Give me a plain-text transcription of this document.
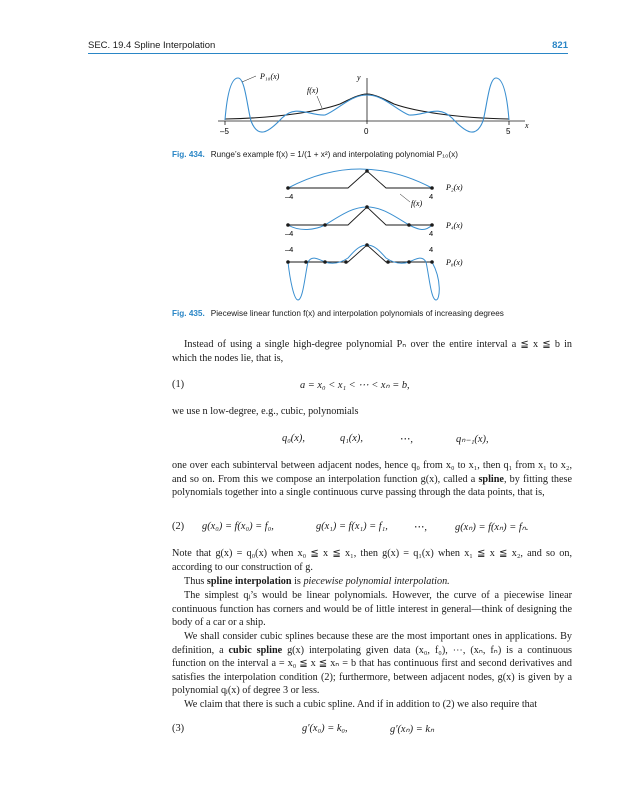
SEC. 19.4 Spline Interpolation	821
P₁₀(x)
f(x)
y
x
–5	0	5
–4	4
f(x)
P₂(x)
–4	4
P₄(x)
–4	4
P₈(x)
Fig. 434. Runge’s example f(x) = 1/(1 + x²) and interpolating polynomial P₁₀(x)
Fig. 435. Piecewise linear function f(x) and interpolation polynomials of increasing degrees
Instead of using a single high-degree polynomial Pₙ over the entire interval a ≦ x ≦ b in which the nodes lie, that is,
(1)	a = x₀ < x₁ < ⋯ < xₙ = b,
we use n low-degree, e.g., cubic, polynomials
q₀(x),	q₁(x),	⋯,	qₙ₋₁(x),
one over each subinterval between adjacent nodes, hence q₀ from x₀ to x₁, then q₁ from x₁ to x₂, and so on. From this we compose an interpolation function g(x), called a spline, by fitting these polynomials together into a single continuous curve passing through the data points, that is,
(2) g(x₀) = f(x₀) = f₀,	g(x₁) = f(x₁) = f₁,	⋯,	g(xₙ) = f(xₙ) = fₙ.
Note that g(x) = q₀(x) when x₀ ≦ x ≦ x₁, then g(x) = q₁(x) when x₁ ≦ x ≦ x₂, and so on, according to our construction of g.
Thus spline interpolation is piecewise polynomial interpolation.
The simplest qⱼ’s would be linear polynomials. However, the curve of a piecewise linear continuous function has corners and would be of little interest in general—think of designing the body of a car or a ship.
We shall consider cubic splines because these are the most important ones in applications. By definition, a cubic spline g(x) interpolating given data (x₀, f₀), ⋯, (xₙ, fₙ) is a continuous function on the interval a = x₀ ≦ x ≦ xₙ = b that has continuous first and second derivatives and satisfies the interpolation condition (2); furthermore, between adjacent nodes, g(x) is given by a polynomial qⱼ(x) of degree 3 or less.
We claim that there is such a cubic spline. And if in addition to (2) we also require that
(3)	g′(x₀) = k₀,	g′(xₙ) = kₙ
